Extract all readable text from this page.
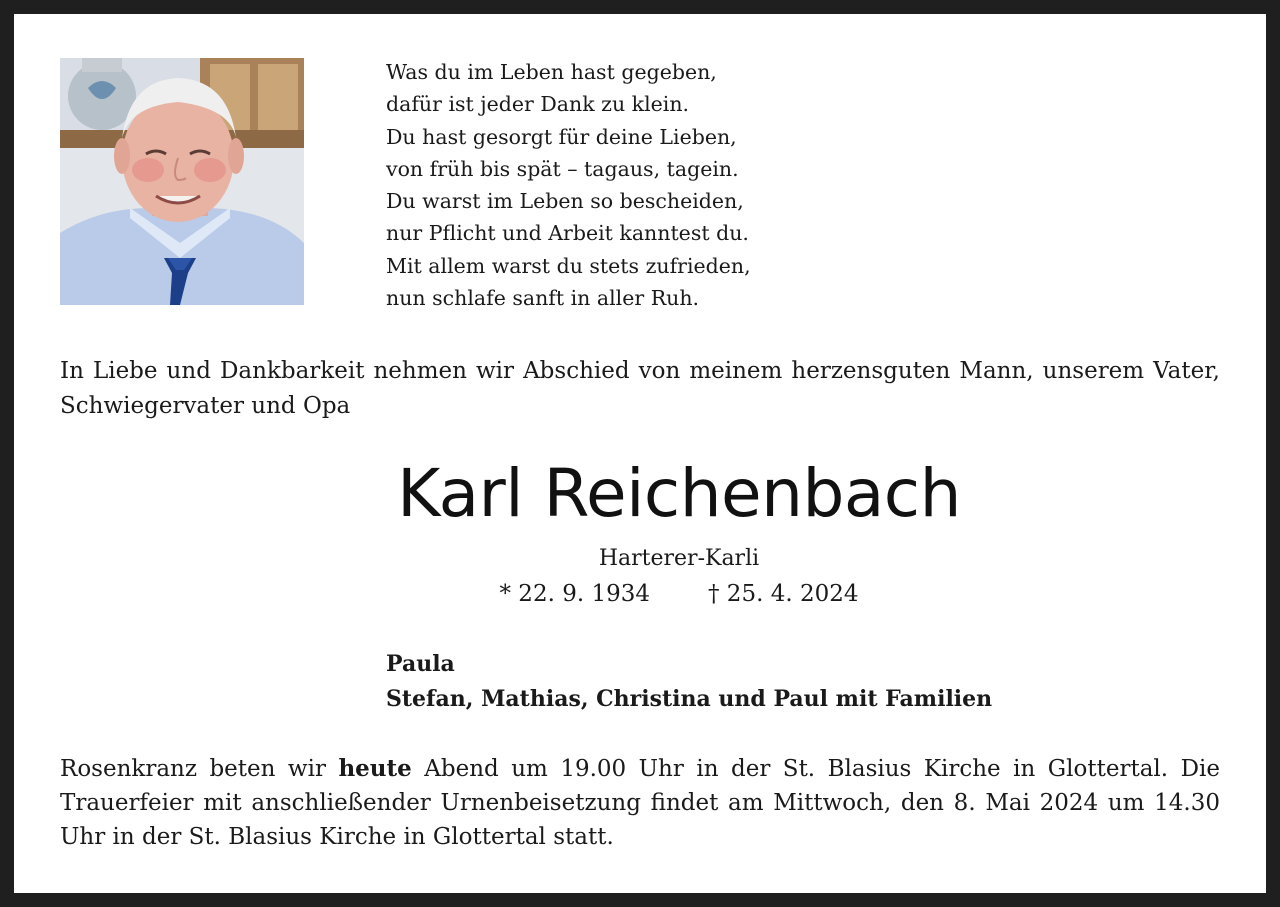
Was du im Leben hast gegeben,
dafür ist jeder Dank zu klein.
Du hast gesorgt für deine Lieben,
von früh bis spät – tagaus, tagein.
Du warst im Leben so bescheiden,
nur Pflicht und Arbeit kanntest du.
Mit allem warst du stets zufrieden,
nun schlafe sanft in aller Ruh.
In Liebe und Dankbarkeit nehmen wir Abschied von meinem herzensguten Mann, unserem Vater, Schwiegervater und Opa
Karl Reichenbach
Harterer-Karli
* 22. 9. 1934	† 25. 4. 2024
Paula
Stefan, Mathias, Christina und Paul mit Familien
Rosenkranz beten wir heute Abend um 19.00 Uhr in der St. Blasius Kirche in Glottertal. Die Trauerfeier mit anschließender Urnenbeisetzung findet am Mittwoch, den 8. Mai 2024 um 14.30 Uhr in der St. Blasius Kirche in Glottertal statt.
